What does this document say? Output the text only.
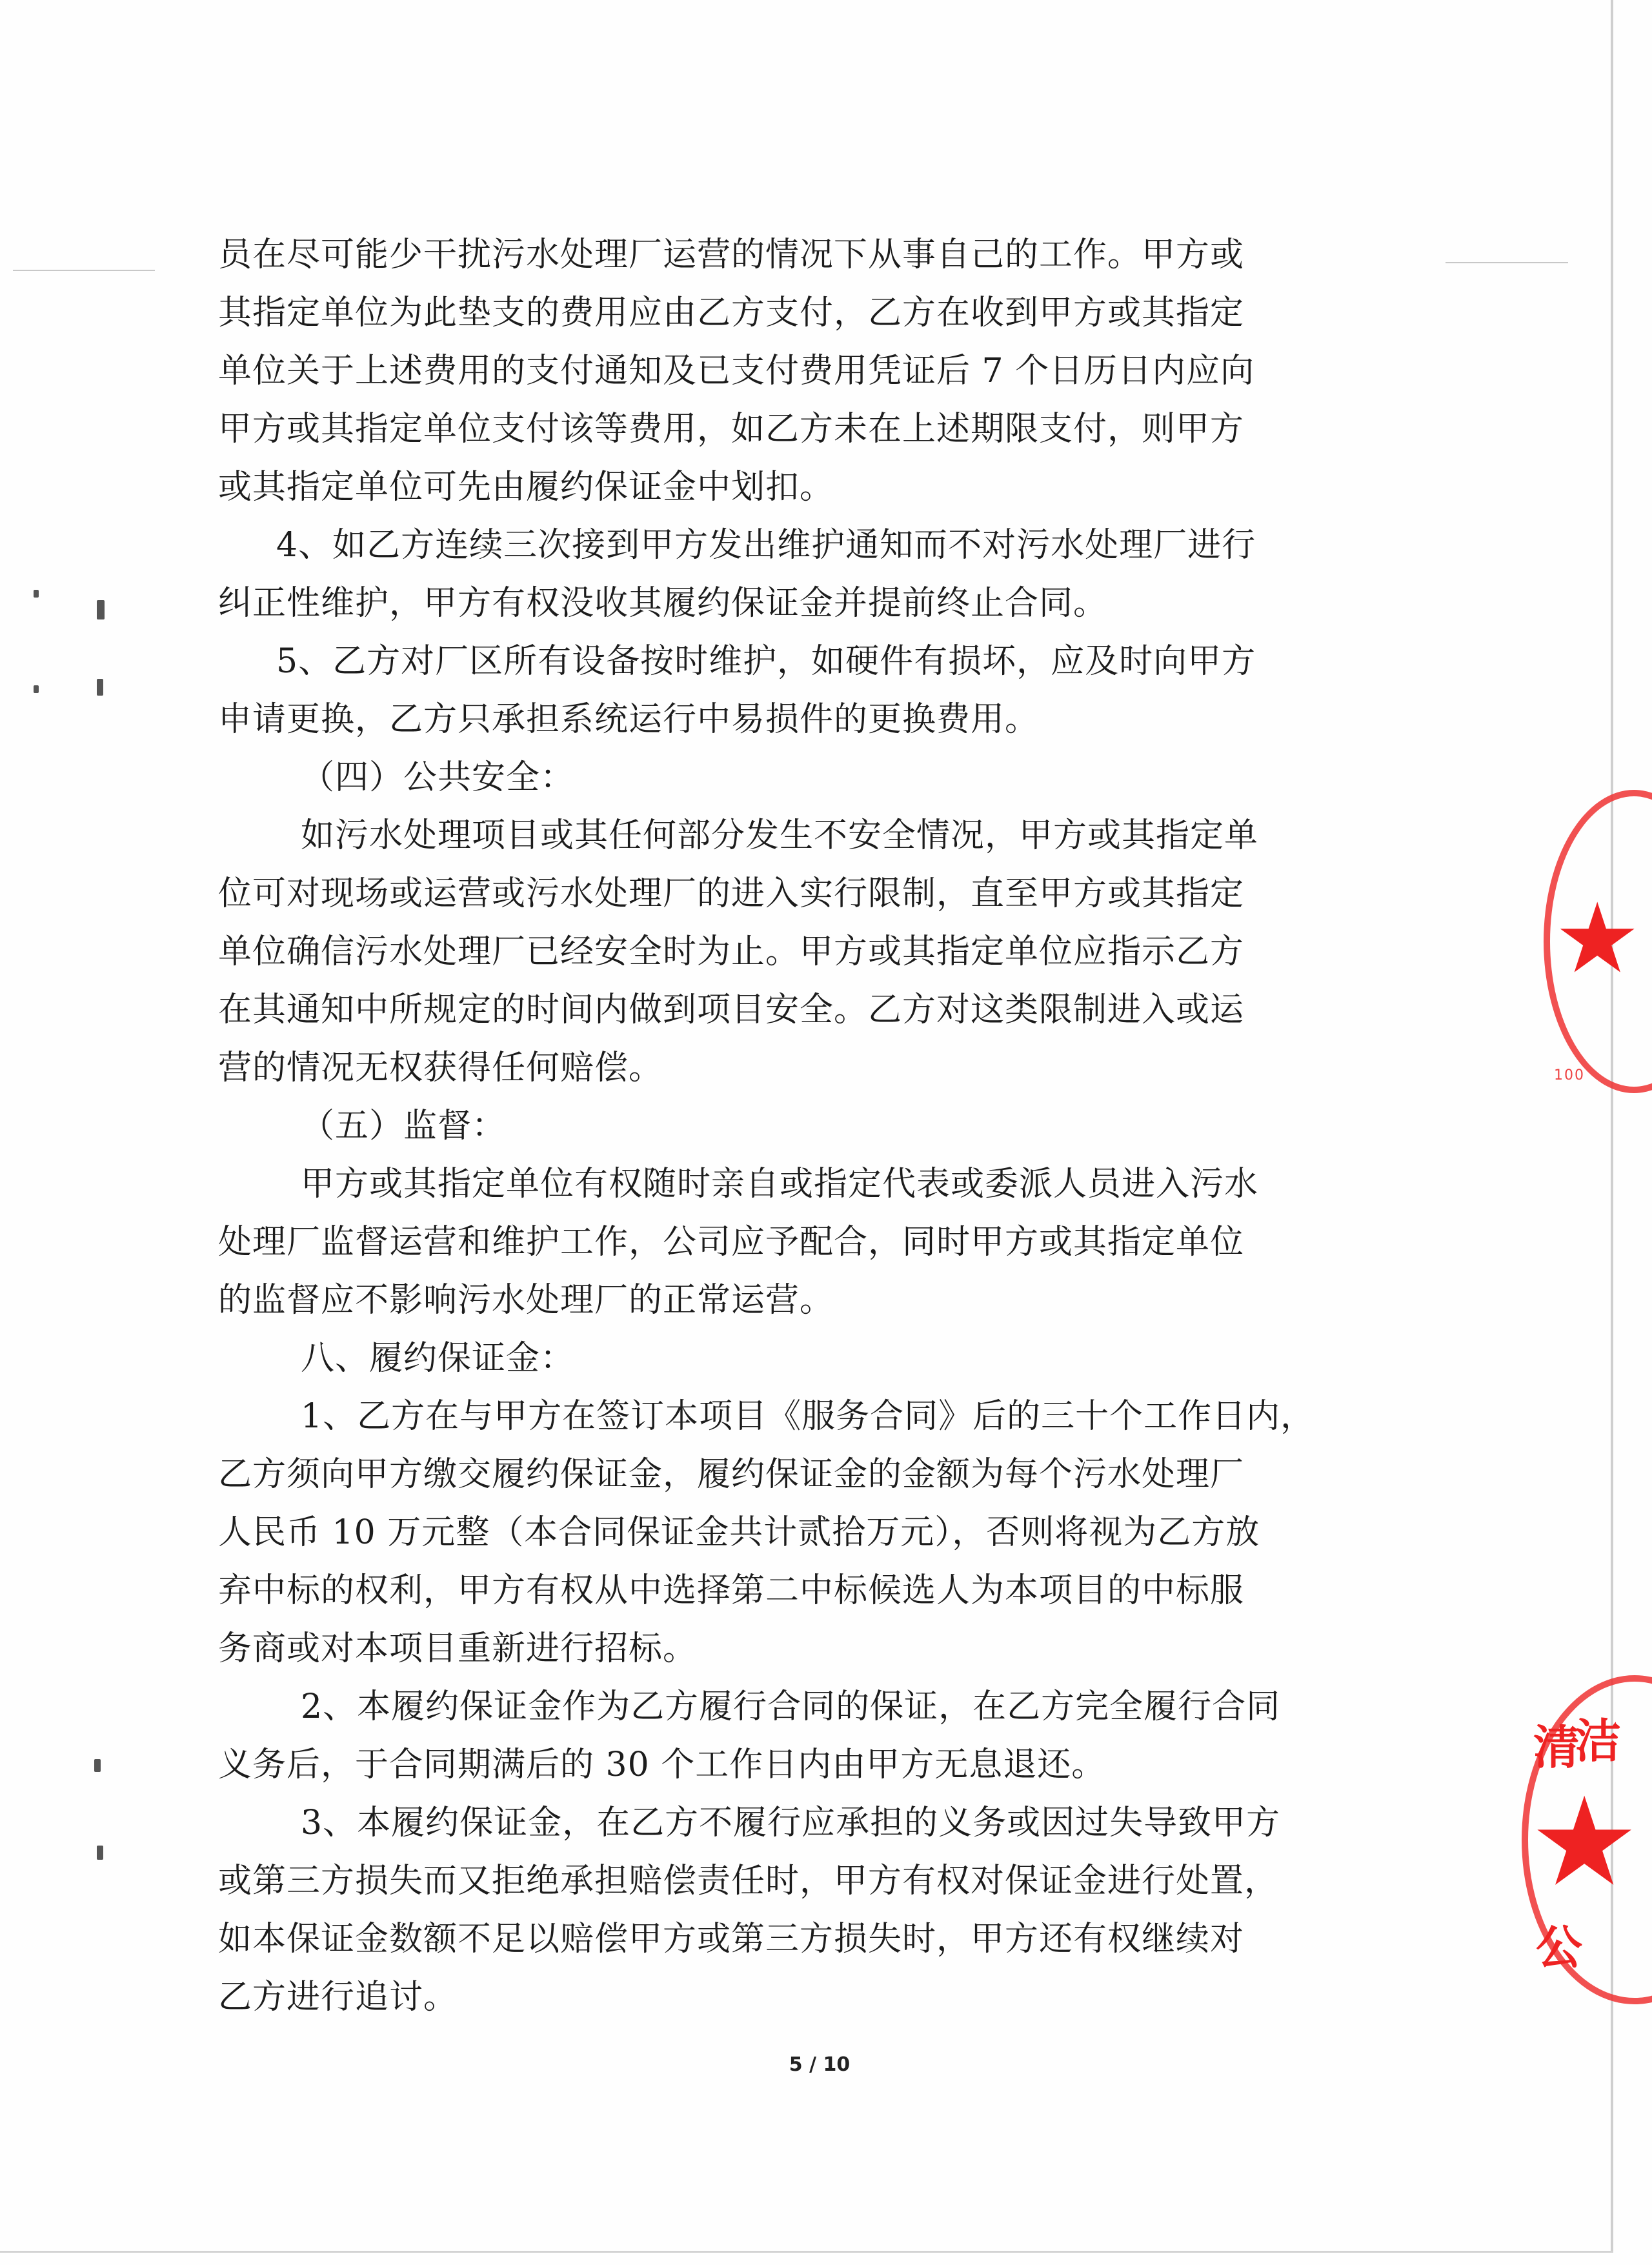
员在尽可能少干扰污水处理厂运营的情况下从事自己的工作。甲方或
其指定单位为此垫支的费用应由乙方支付，乙方在收到甲方或其指定
单位关于上述费用的支付通知及已支付费用凭证后 7 个日历日内应向
甲方或其指定单位支付该等费用，如乙方未在上述期限支付，则甲方
或其指定单位可先由履约保证金中划扣。
4、如乙方连续三次接到甲方发出维护通知而不对污水处理厂进行
纠正性维护，甲方有权没收其履约保证金并提前终止合同。
5、乙方对厂区所有设备按时维护，如硬件有损坏，应及时向甲方
申请更换，乙方只承担系统运行中易损件的更换费用。
（四）公共安全：
如污水处理项目或其任何部分发生不安全情况，甲方或其指定单
位可对现场或运营或污水处理厂的进入实行限制，直至甲方或其指定
单位确信污水处理厂已经安全时为止。甲方或其指定单位应指示乙方
在其通知中所规定的时间内做到项目安全。乙方对这类限制进入或运
营的情况无权获得任何赔偿。
（五）监督：
甲方或其指定单位有权随时亲自或指定代表或委派人员进入污水
处理厂监督运营和维护工作，公司应予配合，同时甲方或其指定单位
的监督应不影响污水处理厂的正常运营。
八、履约保证金：
1、乙方在与甲方在签订本项目《服务合同》后的三十个工作日内，
乙方须向甲方缴交履约保证金，履约保证金的金额为每个污水处理厂
人民币 10 万元整（本合同保证金共计贰拾万元），否则将视为乙方放
弃中标的权利，甲方有权从中选择第二中标候选人为本项目的中标服
务商或对本项目重新进行招标。
2、本履约保证金作为乙方履行合同的保证，在乙方完全履行合同
义务后，于合同期满后的 30 个工作日内由甲方无息退还。
3、本履约保证金，在乙方不履行应承担的义务或因过失导致甲方
或第三方损失而又拒绝承担赔偿责任时，甲方有权对保证金进行处置，
如本保证金数额不足以赔偿甲方或第三方损失时，甲方还有权继续对
乙方进行追讨。
5 / 10
★
100
清
洁
★
公
